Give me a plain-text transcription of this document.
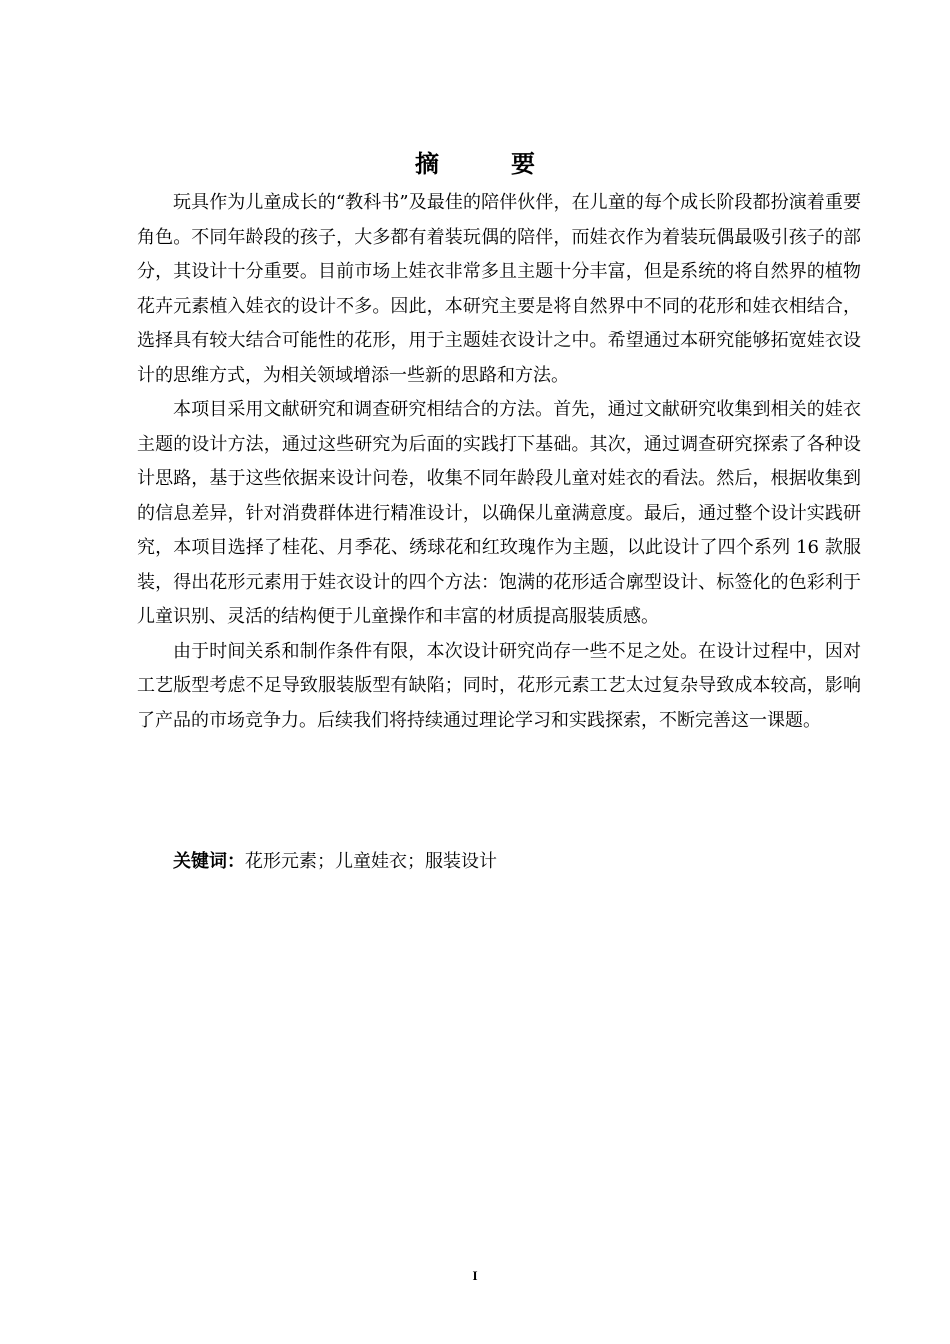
摘　要

玩具作为儿童成长的“教科书”及最佳的陪伴伙伴，在儿童的每个成长阶段都扮演着重要角色。不同年龄段的孩子，大多都有着装玩偶的陪伴，而娃衣作为着装玩偶最吸引孩子的部分，其设计十分重要。目前市场上娃衣非常多且主题十分丰富，但是系统的将自然界的植物花卉元素植入娃衣的设计不多。因此，本研究主要是将自然界中不同的花形和娃衣相结合，选择具有较大结合可能性的花形，用于主题娃衣设计之中。希望通过本研究能够拓宽娃衣设计的思维方式，为相关领域增添一些新的思路和方法。

本项目采用文献研究和调查研究相结合的方法。首先，通过文献研究收集到相关的娃衣主题的设计方法，通过这些研究为后面的实践打下基础。其次，通过调查研究探索了各种设计思路，基于这些依据来设计问卷，收集不同年龄段儿童对娃衣的看法。然后，根据收集到的信息差异，针对消费群体进行精准设计，以确保儿童满意度。最后，通过整个设计实践研究，本项目选择了桂花、月季花、绣球花和红玫瑰作为主题，以此设计了四个系列 16 款服装，得出花形元素用于娃衣设计的四个方法：饱满的花形适合廓型设计、标签化的色彩利于儿童识别、灵活的结构便于儿童操作和丰富的材质提高服装质感。

由于时间关系和制作条件有限，本次设计研究尚存一些不足之处。在设计过程中，因对工艺版型考虑不足导致服装版型有缺陷；同时，花形元素工艺太过复杂导致成本较高，影响了产品的市场竞争力。后续我们将持续通过理论学习和实践探索，不断完善这一课题。

关键词：花形元素；儿童娃衣；服装设计
I
